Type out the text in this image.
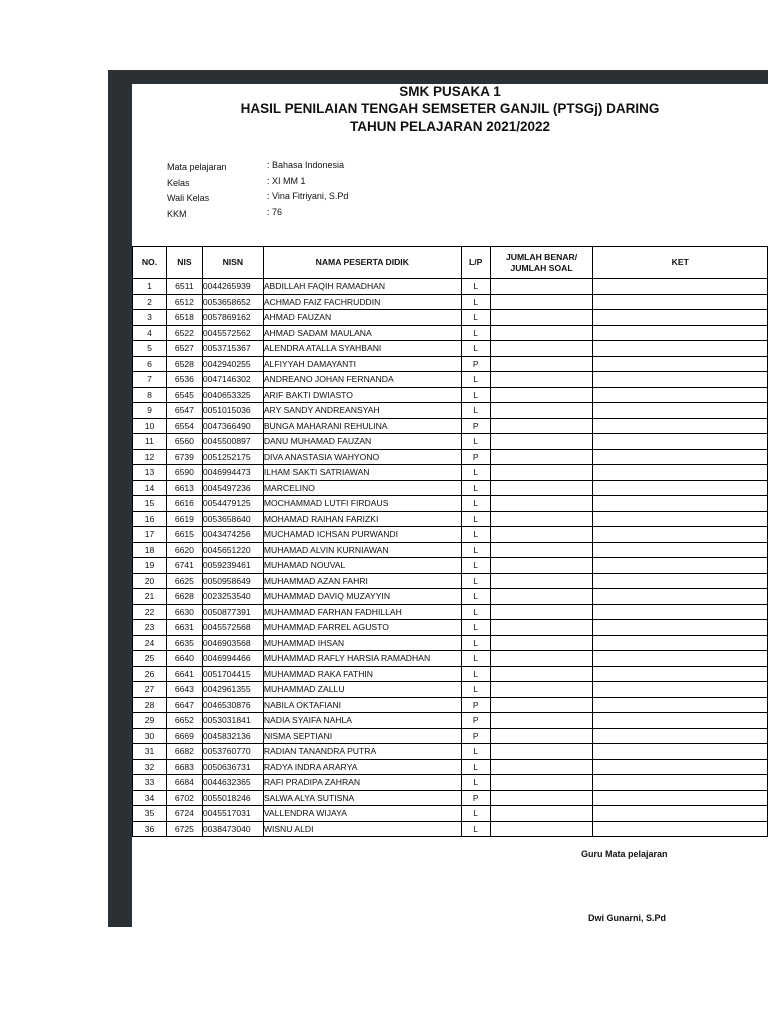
SMK PUSAKA 1
HASIL PENILAIAN TENGAH SEMSETER GANJIL (PTSGj) DARING
TAHUN PELAJARAN 2021/2022
Mata pelajaran	: Bahasa Indonesia
Kelas	: XI MM 1
Wali Kelas	: Vina Fitriyani, S.Pd
KKM	: 76
NO.	NIS	NISN	NAMA PESERTA DIDIK	L/P	JUMLAH BENAR/ JUMLAH SOAL	KET
1	6511	0044265939	ABDILLAH FAQIH RAMADHAN	L		
2	6512	0053658652	ACHMAD FAIZ FACHRUDDIN	L		
3	6518	0057869162	AHMAD FAUZAN	L		
4	6522	0045572562	AHMAD SADAM MAULANA	L		
5	6527	0053715367	ALENDRA ATALLA SYAHBANI	L		
6	6528	0042940255	ALFIYYAH DAMAYANTI	P		
7	6536	0047146302	ANDREANO JOHAN FERNANDA	L		
8	6545	0040653325	ARIF BAKTI DWIASTO	L		
9	6547	0051015036	ARY SANDY ANDREANSYAH	L		
10	6554	0047366490	BUNGA MAHARANI REHULINA	P		
11	6560	0045500897	DANU MUHAMAD FAUZAN	L		
12	6739	0051252175	DIVA ANASTASIA WAHYONO	P		
13	6590	0046994473	ILHAM SAKTI SATRIAWAN	L		
14	6613	0045497236	MARCELINO	L		
15	6616	0054479125	MOCHAMMAD LUTFI FIRDAUS	L		
16	6619	0053658640	MOHAMAD RAIHAN FARIZKI	L		
17	6615	0043474256	MUCHAMAD ICHSAN PURWANDI	L		
18	6620	0045651220	MUHAMAD ALVIN KURNIAWAN	L		
19	6741	0059239461	MUHAMAD NOUVAL	L		
20	6625	0050958649	MUHAMMAD AZAN FAHRI	L		
21	6628	0023253540	MUHAMMAD DAVIQ MUZAYYIN	L		
22	6630	0050877391	MUHAMMAD FARHAN FADHILLAH	L		
23	6631	0045572568	MUHAMMAD FARREL AGUSTO	L		
24	6635	0046903568	MUHAMMAD IHSAN	L		
25	6640	0046994466	MUHAMMAD RAFLY HARSIA RAMADHAN	L		
26	6641	0051704415	MUHAMMAD RAKA FATHIN	L		
27	6643	0042961355	MUHAMMAD ZALLU	L		
28	6647	0046530876	NABILA OKTAFIANI	P		
29	6652	0053031841	NADIA SYAIFA NAHLA	P		
30	6669	0045832136	NISMA SEPTIANI	P		
31	6682	0053760770	RADIAN TANANDRA PUTRA	L		
32	6683	0050636731	RADYA INDRA ARARYA	L		
33	6684	0044632365	RAFI PRADIPA ZAHRAN	L		
34	6702	0055018246	SALWA ALYA SUTISNA	P		
35	6724	0045517031	VALLENDRA WIJAYA	L		
36	6725	0038473040	WISNU ALDI	L		
Guru Mata pelajaran
Dwi Gunarni, S.Pd
